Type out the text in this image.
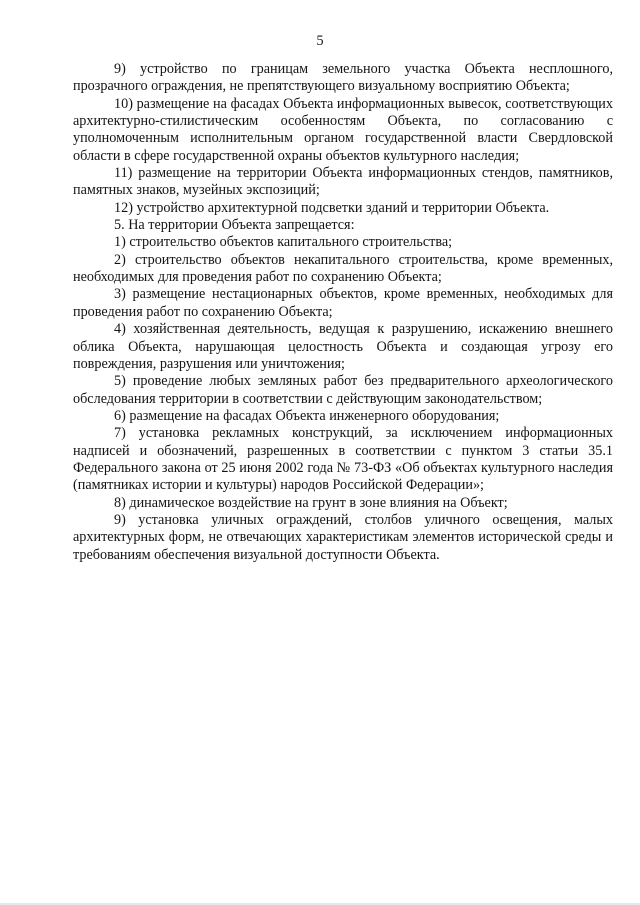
5

9) устройство по границам земельного участка Объекта несплошного, прозрачного ограждения, не препятствующего визуальному восприятию Объекта;

10) размещение на фасадах Объекта информационных вывесок, соответствующих архитектурно-стилистическим особенностям Объекта, по согласованию с уполномоченным исполнительным органом государственной власти Свердловской области в сфере государственной охраны объектов культурного наследия;

11) размещение на территории Объекта информационных стендов, памятников, памятных знаков, музейных экспозиций;

12) устройство архитектурной подсветки зданий и территории Объекта.

5. На территории Объекта запрещается:

1) строительство объектов капитального строительства;

2) строительство объектов некапитального строительства, кроме временных, необходимых для проведения работ по сохранению Объекта;

3) размещение нестационарных объектов, кроме временных, необходимых для проведения работ по сохранению Объекта;

4) хозяйственная деятельность, ведущая к разрушению, искажению внешнего облика Объекта, нарушающая целостность Объекта и создающая угрозу его повреждения, разрушения или уничтожения;

5) проведение любых земляных работ без предварительного археологического обследования территории в соответствии с действующим законодательством;

6) размещение на фасадах Объекта инженерного оборудования;

7) установка рекламных конструкций, за исключением информационных надписей и обозначений, разрешенных в соответствии с пунктом 3 статьи 35.1 Федерального закона от 25 июня 2002 года № 73-ФЗ «Об объектах культурного наследия (памятниках истории и культуры) народов Российской Федерации»;

8) динамическое воздействие на грунт в зоне влияния на Объект;

9) установка уличных ограждений, столбов уличного освещения, малых архитектурных форм, не отвечающих характеристикам элементов исторической среды и требованиям обеспечения визуальной доступности Объекта.
